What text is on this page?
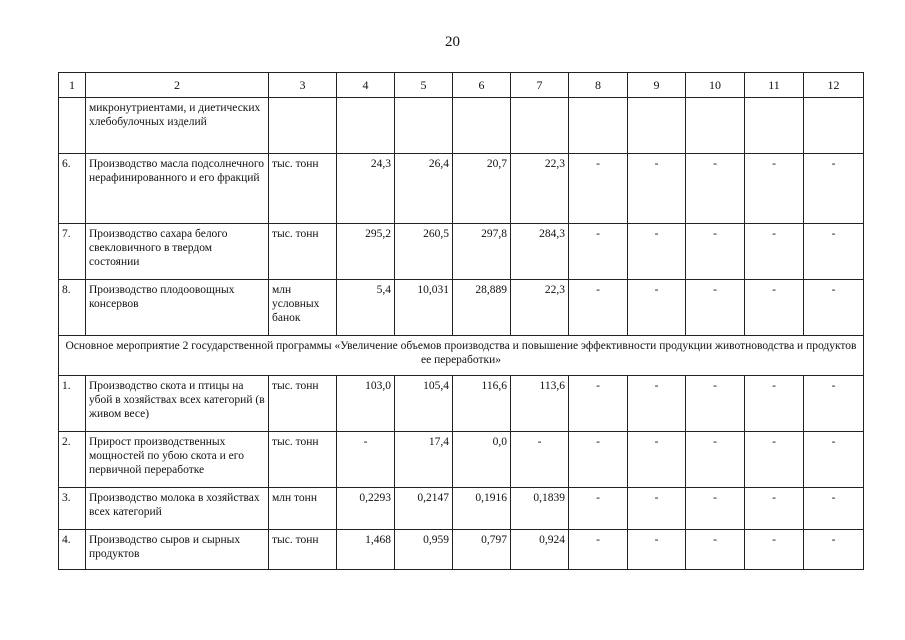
20
1	2	3	4	5	6	7	8	9	10	11	12
	микронутриентами, и диетических хлебобулочных изделий										
6.	Производство масла подсолнечного нерафинированного и его фракций	тыс. тонн	24,3	26,4	20,7	22,3	-	-	-	-	-
7.	Производство сахара белого свекловичного в твердом состоянии	тыс. тонн	295,2	260,5	297,8	284,3	-	-	-	-	-
8.	Производство плодоовощных консервов	млн условных банок	5,4	10,031	28,889	22,3	-	-	-	-	-
Основное мероприятие 2 государственной программы «Увеличение объемов производства и повышение эффективности продукции животноводства и продуктов ее переработки»											
1.	Производство скота и птицы на убой в хозяйствах всех категорий (в живом весе)	тыс. тонн	103,0	105,4	116,6	113,6	-	-	-	-	-
2.	Прирост производственных мощностей по убою скота и его первичной переработке	тыс. тонн	-	17,4	0,0	-	-	-	-	-	-
3.	Производство молока в хозяйствах всех категорий	млн тонн	0,2293	0,2147	0,1916	0,1839	-	-	-	-	-
4.	Производство сыров и сырных продуктов	тыс. тонн	1,468	0,959	0,797	0,924	-	-	-	-	-
